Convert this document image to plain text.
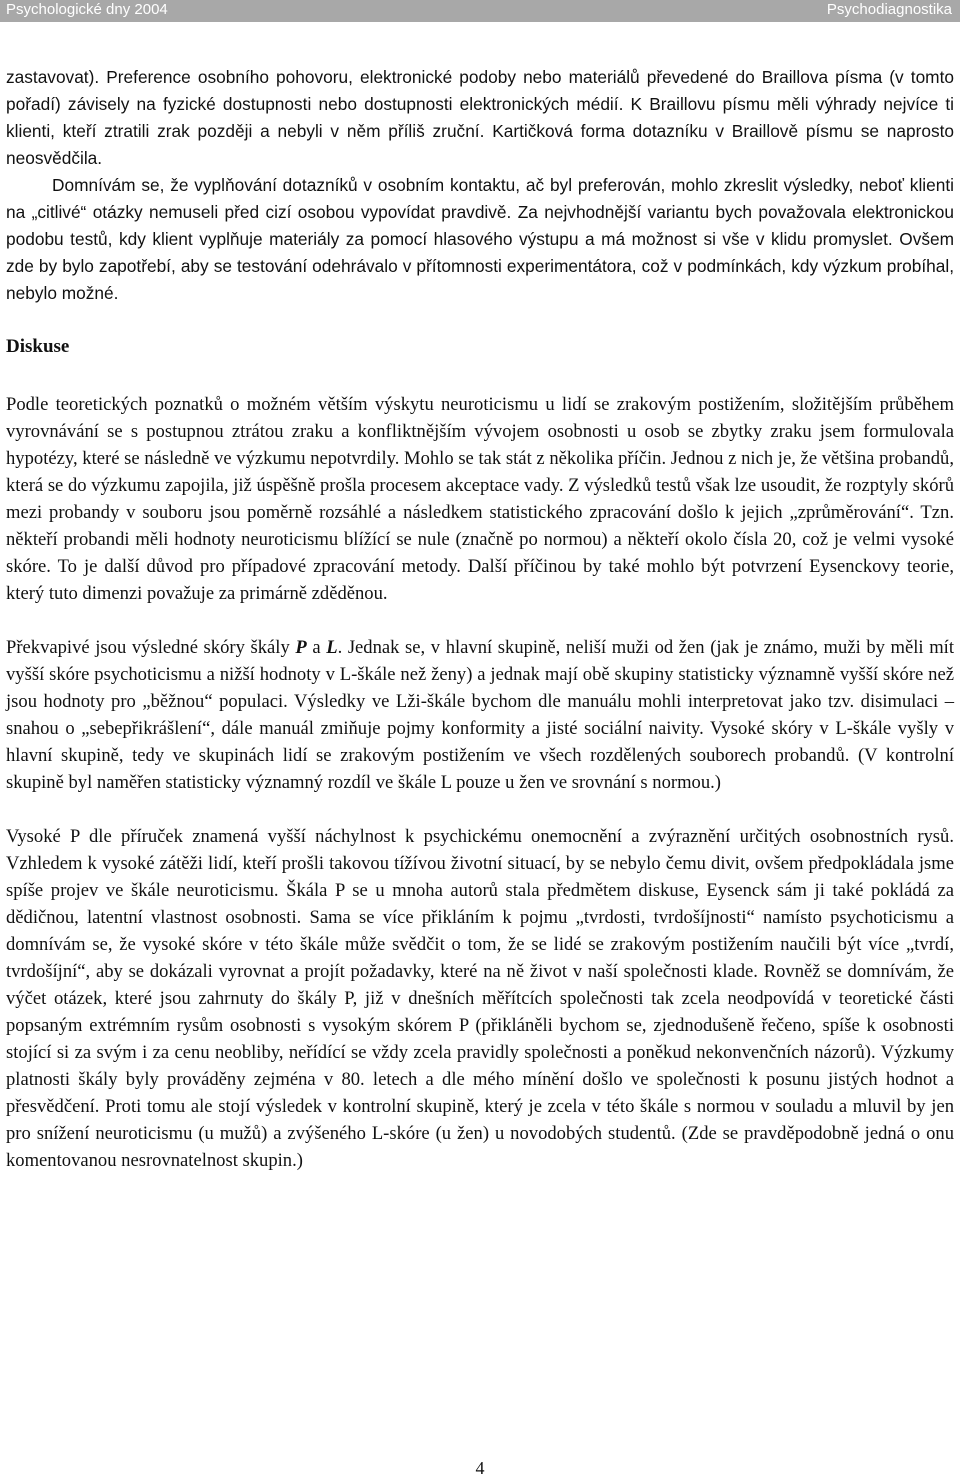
Psychologické dny 2004	Psychodiagnostika

zastavovat). Preference osobního pohovoru, elektronické podoby nebo materiálů převedené do Braillova písma (v tomto pořadí) závisely na fyzické dostupnosti nebo dostupnosti elektronických médií. K Braillovu písmu měli výhrady nejvíce ti klienti, kteří ztratili zrak později a nebyli v něm příliš zruční. Kartičková forma dotazníku v Braillově písmu se naprosto neosvědčila.

Domnívám se, že vyplňování dotazníků v osobním kontaktu, ač byl preferován, mohlo zkreslit výsledky, neboť klienti na „citlivé“ otázky nemuseli před cizí osobou vypovídat pravdivě. Za nejvhodnější variantu bych považovala elektronickou podobu testů, kdy klient vyplňuje materiály za pomocí hlasového výstupu a má možnost si vše v klidu promyslet. Ovšem zde by bylo zapotřebí, aby se testování odehrávalo v přítomnosti experimentátora, což v podmínkách, kdy výzkum probíhal, nebylo možné.

Diskuse

Podle teoretických poznatků o možném větším výskytu neuroticismu u lidí se zrakovým postižením, složitějším průběhem vyrovnávání se s postupnou ztrátou zraku a konfliktnějším vývojem osobnosti u osob se zbytky zraku jsem formulovala hypotézy, které se následně ve výzkumu nepotvrdily. Mohlo se tak stát z několika příčin. Jednou z nich je, že většina probandů, která se do výzkumu zapojila, již úspěšně prošla procesem akceptace vady. Z výsledků testů však lze usoudit, že rozptyly skórů mezi probandy v souboru jsou poměrně rozsáhlé a následkem statistického zpracování došlo k jejich „zprůměrování“. Tzn. někteří probandi měli hodnoty neuroticismu blížící se nule (značně po normou) a někteří okolo čísla 20, což je velmi vysoké skóre. To je další důvod pro případové zpracování metody. Další příčinou by také mohlo být potvrzení Eysenckovy teorie, který tuto dimenzi považuje za primárně zděděnou.

Překvapivé jsou výsledné skóry škály P a L. Jednak se, v hlavní skupině, neliší muži od žen (jak je známo, muži by měli mít vyšší skóre psychoticismu a nižší hodnoty v L-škále než ženy) a jednak mají obě skupiny statisticky významně vyšší skóre než jsou hodnoty pro „běžnou“ populaci. Výsledky ve Lži-škále bychom dle manuálu mohli interpretovat jako tzv. disimulaci – snahou o „sebepřikrášlení“, dále manuál zmiňuje pojmy konformity a jisté sociální naivity. Vysoké skóry v L-škále vyšly v hlavní skupině, tedy ve skupinách lidí se zrakovým postižením ve všech rozdělených souborech probandů. (V kontrolní skupině byl naměřen statisticky významný rozdíl ve škále L pouze u žen ve srovnání s normou.)

Vysoké P dle příruček znamená vyšší náchylnost k psychickému onemocnění a zvýraznění určitých osobnostních rysů. Vzhledem k vysoké zátěži lidí, kteří prošli takovou tížívou životní situací, by se nebylo čemu divit, ovšem předpokládala jsme spíše projev ve škále neuroticismu. Škála P se u mnoha autorů stala předmětem diskuse, Eysenck sám ji také pokládá za dědičnou, latentní vlastnost osobnosti. Sama se více přikláním k pojmu „tvrdosti, tvrdošíjnosti“ namísto psychoticismu a domnívám se, že vysoké skóre v této škále může svědčit o tom, že se lidé se zrakovým postižením naučili být více „tvrdí, tvrdošíjní“, aby se dokázali vyrovnat a projít požadavky, které na ně život v naší společnosti klade. Rovněž se domnívám, že výčet otázek, které jsou zahrnuty do škály P, již v dnešních měřítcích společnosti tak zcela neodpovídá v teoretické části popsaným extrémním rysům osobnosti s vysokým skórem P (přikláněli bychom se, zjednodušeně řečeno, spíše k osobnosti stojící si za svým i za cenu neobliby, neřídící se vždy zcela pravidly společnosti a poněkud nekonvenčních názorů). Výzkumy platnosti škály byly prováděny zejména v 80. letech a dle mého mínění došlo ve společnosti k posunu jistých hodnot a přesvědčení. Proti tomu ale stojí výsledek v kontrolní skupině, který je zcela v této škále s normou v souladu a mluvil by jen pro snížení neuroticismu (u mužů) a zvýšeného L-skóre (u žen) u novodobých studentů. (Zde se pravděpodobně jedná o onu komentovanou nesrovnatelnost skupin.)

4
